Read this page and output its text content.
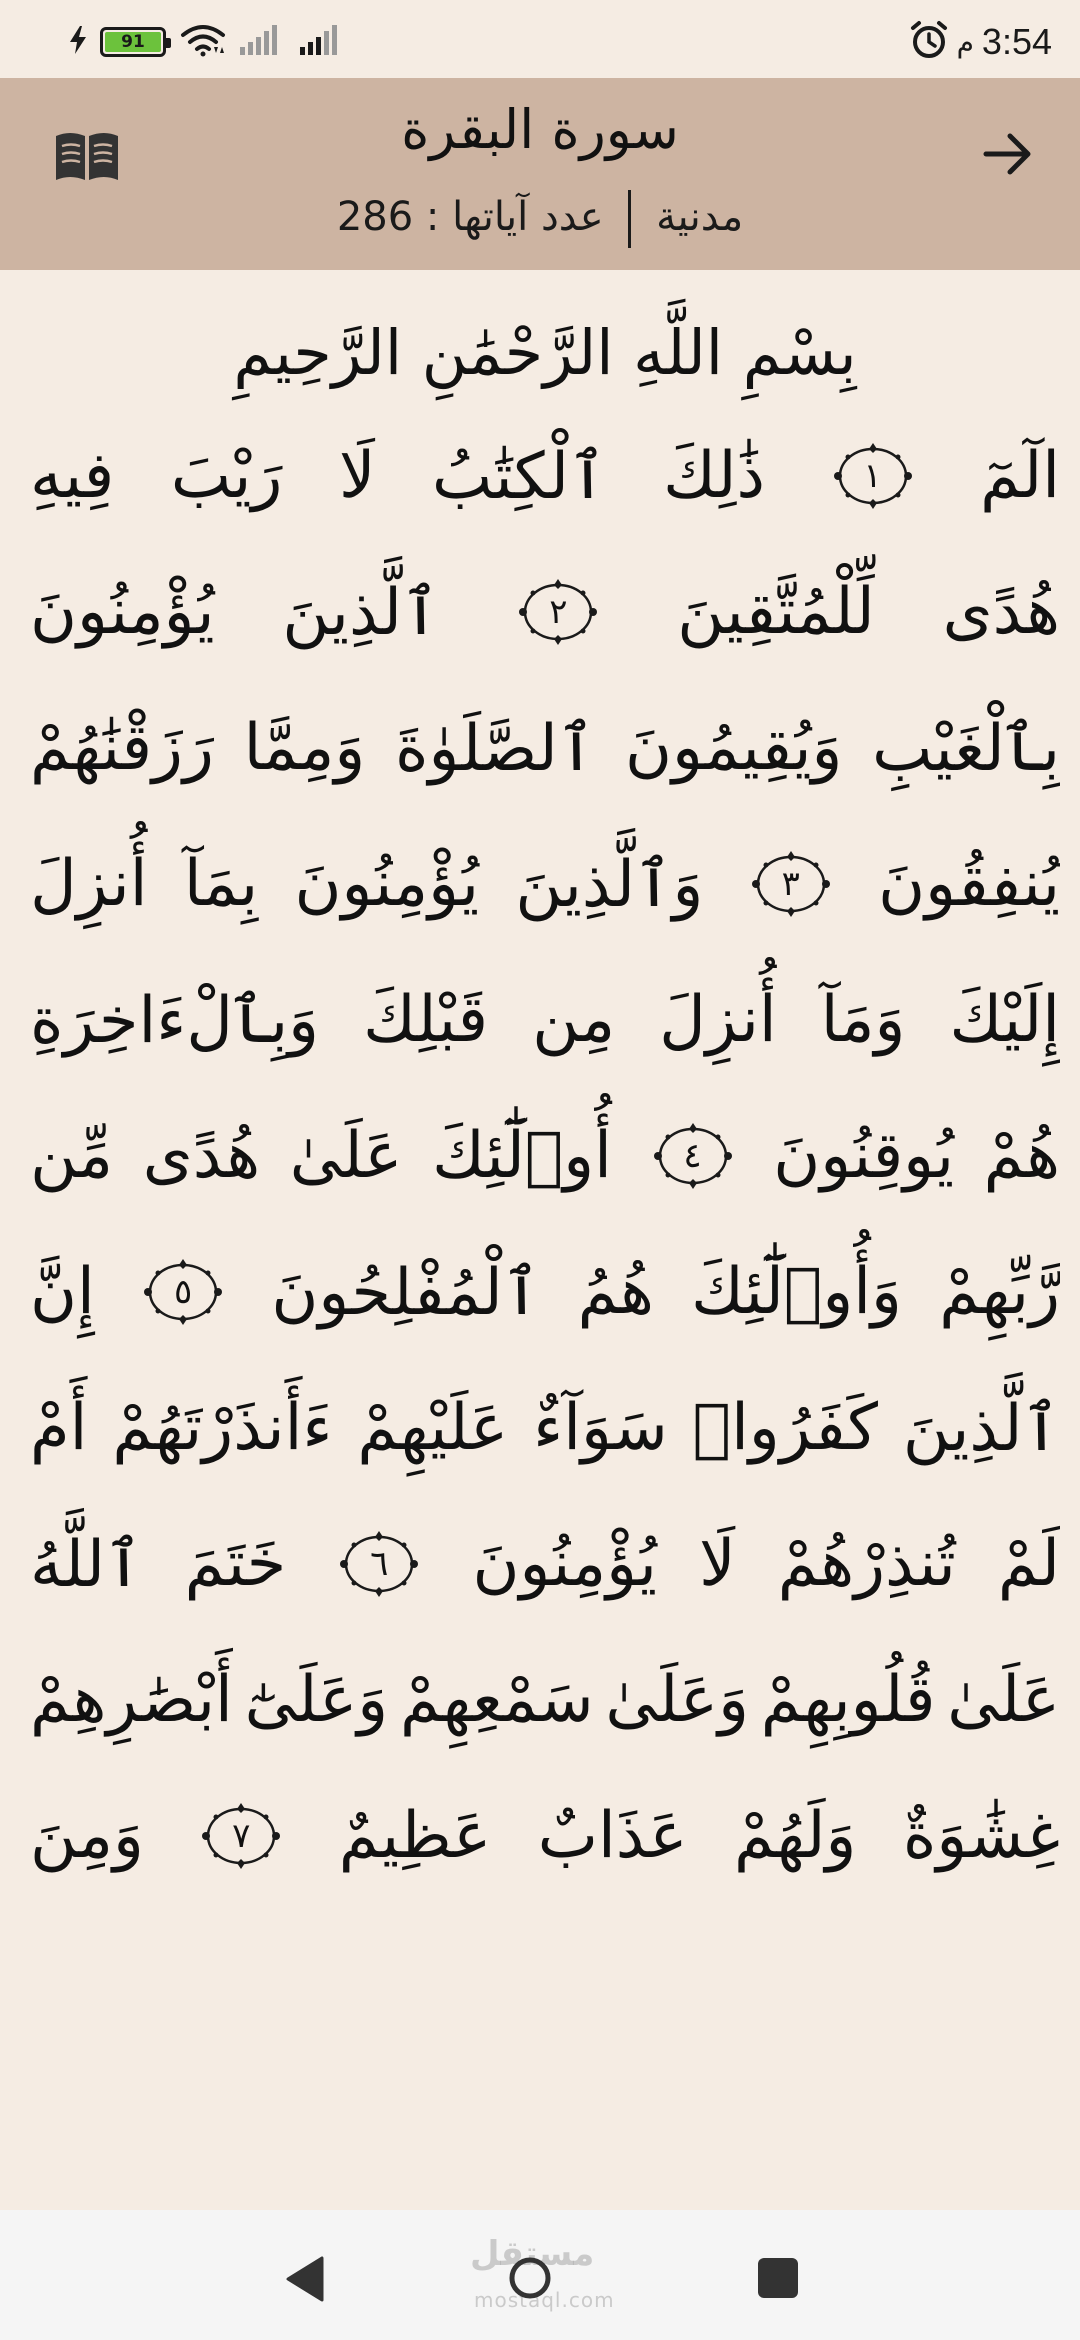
91	م 3:54
سورة البقرة
مدنية  عدد آياتها : 286
بِسْمِ اللَّهِ الرَّحْمَٰنِ الرَّحِيمِ
الٓمٓ
١
ذَٰلِكَ
ٱلْكِتَٰبُ
لَا
رَيْبَ
فِيهِ
هُدًى
لِّلْمُتَّقِينَ
٢
ٱلَّذِينَ
يُؤْمِنُونَ
بِٱلْغَيْبِ
وَيُقِيمُونَ
ٱلصَّلَوٰةَ
وَمِمَّا
رَزَقْنَٰهُمْ
يُنفِقُونَ
٣
وَٱلَّذِينَ
يُؤْمِنُونَ
بِمَآ
أُنزِلَ
إِلَيْكَ
وَمَآ
أُنزِلَ
مِن
قَبْلِكَ
وَبِٱلْءَاخِرَةِ
هُمْ
يُوقِنُونَ
٤
أُو۟لَٰٓئِكَ
عَلَىٰ
هُدًى
مِّن
رَّبِّهِمْ
وَأُو۟لَٰٓئِكَ
هُمُ
ٱلْمُفْلِحُونَ
٥
إِنَّ
ٱلَّذِينَ
كَفَرُوا۟
سَوَآءٌ
عَلَيْهِمْ
ءَأَنذَرْتَهُمْ
أَمْ
لَمْ
تُنذِرْهُمْ
لَا
يُؤْمِنُونَ
٦
خَتَمَ
ٱللَّهُ
عَلَىٰ
قُلُوبِهِمْ
وَعَلَىٰ
سَمْعِهِمْ
وَعَلَىٰٓ
أَبْصَٰرِهِمْ
غِشَٰوَةٌ
وَلَهُمْ
عَذَابٌ
عَظِيمٌ
٧
وَمِنَ
مستقل
mostaql.com
